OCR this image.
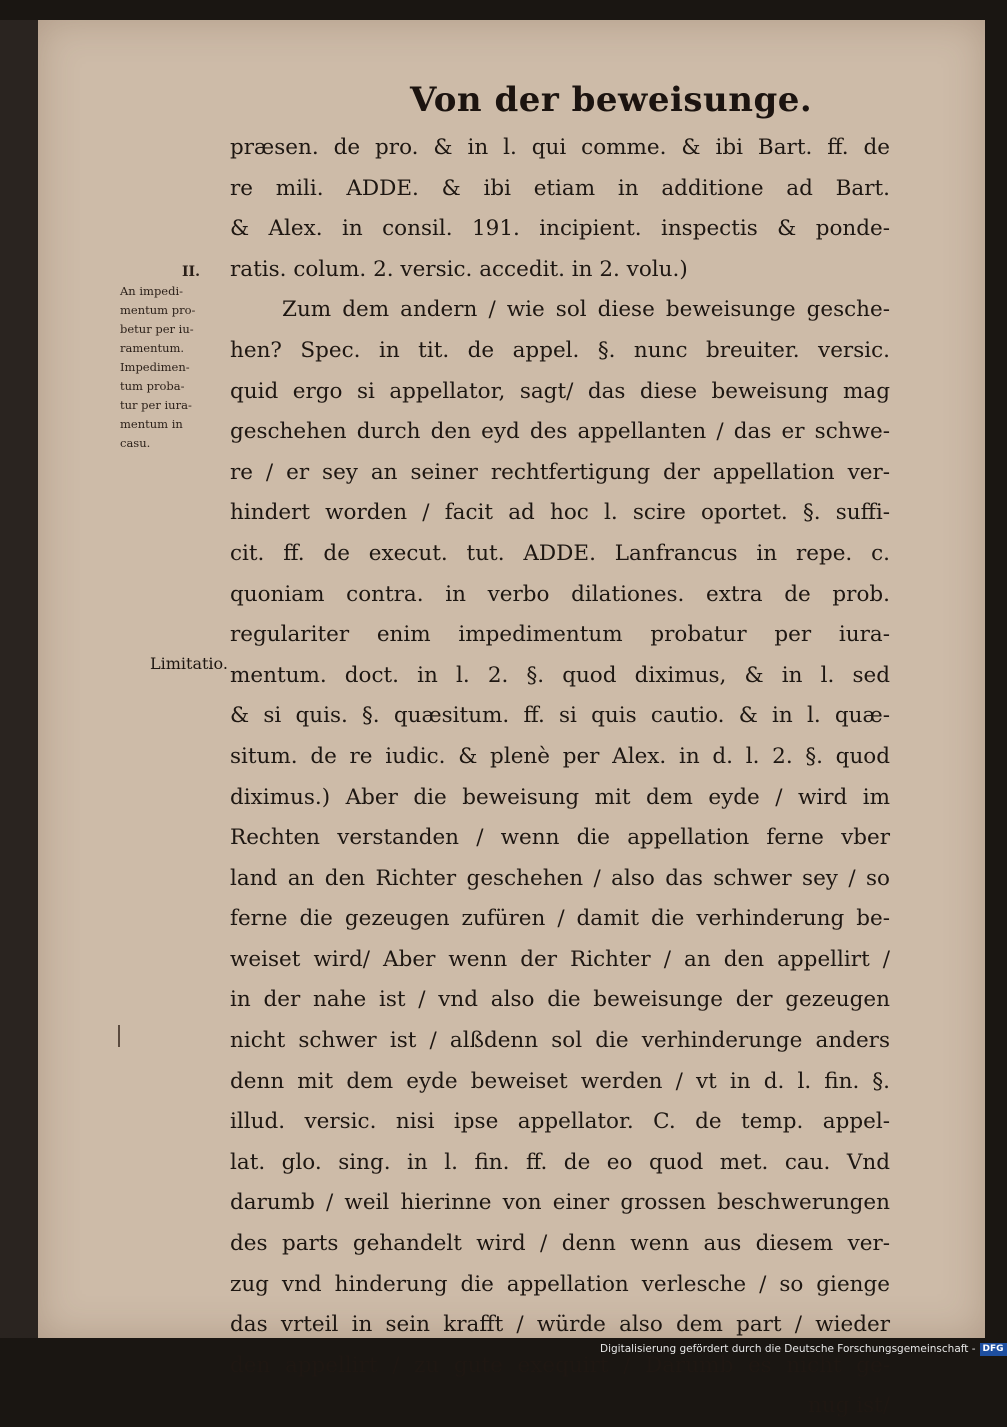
Von der beweisunge.
II.
An impedi-
mentum pro-
betur per iu-
ramentum.
Impedimen-
tum proba-
tur per iura-
mentum in
casu.
Limitatio.
præsen. de pro. & in l. qui comme. & ibi Bart. ff. de
re mili. ADDE. & ibi etiam in additione ad Bart.
& Alex. in consil. 191. incipient. inspectis & ponde-
ratis. colum. 2. versic. accedit. in 2. volu.)
Zum dem andern / wie sol diese beweisunge gesche-
hen? Spec. in tit. de appel. §. nunc breuiter. versic.
quid ergo si appellator, sagt/ das diese beweisung mag
geschehen durch den eyd des appellanten / das er schwe-
re / er sey an seiner rechtfertigung der appellation ver-
hindert worden / facit ad hoc l. scire oportet. §. suffi-
cit. ff. de execut. tut. ADDE. Lanfrancus in repe. c.
quoniam contra. in verbo dilationes. extra de prob.
regulariter enim impedimentum probatur per iura-
mentum. doct. in l. 2. §. quod diximus, & in l. sed
& si quis. §. quæsitum. ff. si quis cautio. & in l. quæ-
situm. de re iudic. & plenè per Alex. in d. l. 2. §. quod
diximus.) Aber die beweisung mit dem eyde / wird im
Rechten verstanden / wenn die appellation ferne vber
land an den Richter geschehen / also das schwer sey / so
ferne die gezeugen zufüren / damit die verhinderung be-
weiset wird/ Aber wenn der Richter / an den appellirt /
in der nahe ist / vnd also die beweisunge der gezeugen
nicht schwer ist / alßdenn sol die verhinderunge anders
denn mit dem eyde beweiset werden / vt in d. l. fin. §.
illud. versic. nisi ipse appellator. C. de temp. appel-
lat. glo. sing. in l. fin. ff. de eo quod met. cau. Vnd
darumb / weil hierinne von einer grossen beschwerungen
des parts gehandelt wird / denn wenn aus diesem ver-
zug vnd hinderung die appellation verlesche / so gienge
das vrteil in sein krafft / würde also dem part / wieder
den appellirt / zu gute exequirt / Darumb es nicht ge-
nug ist/
Digitalisierung gefördert durch die Deutsche Forschungsgemeinschaft - DFG
